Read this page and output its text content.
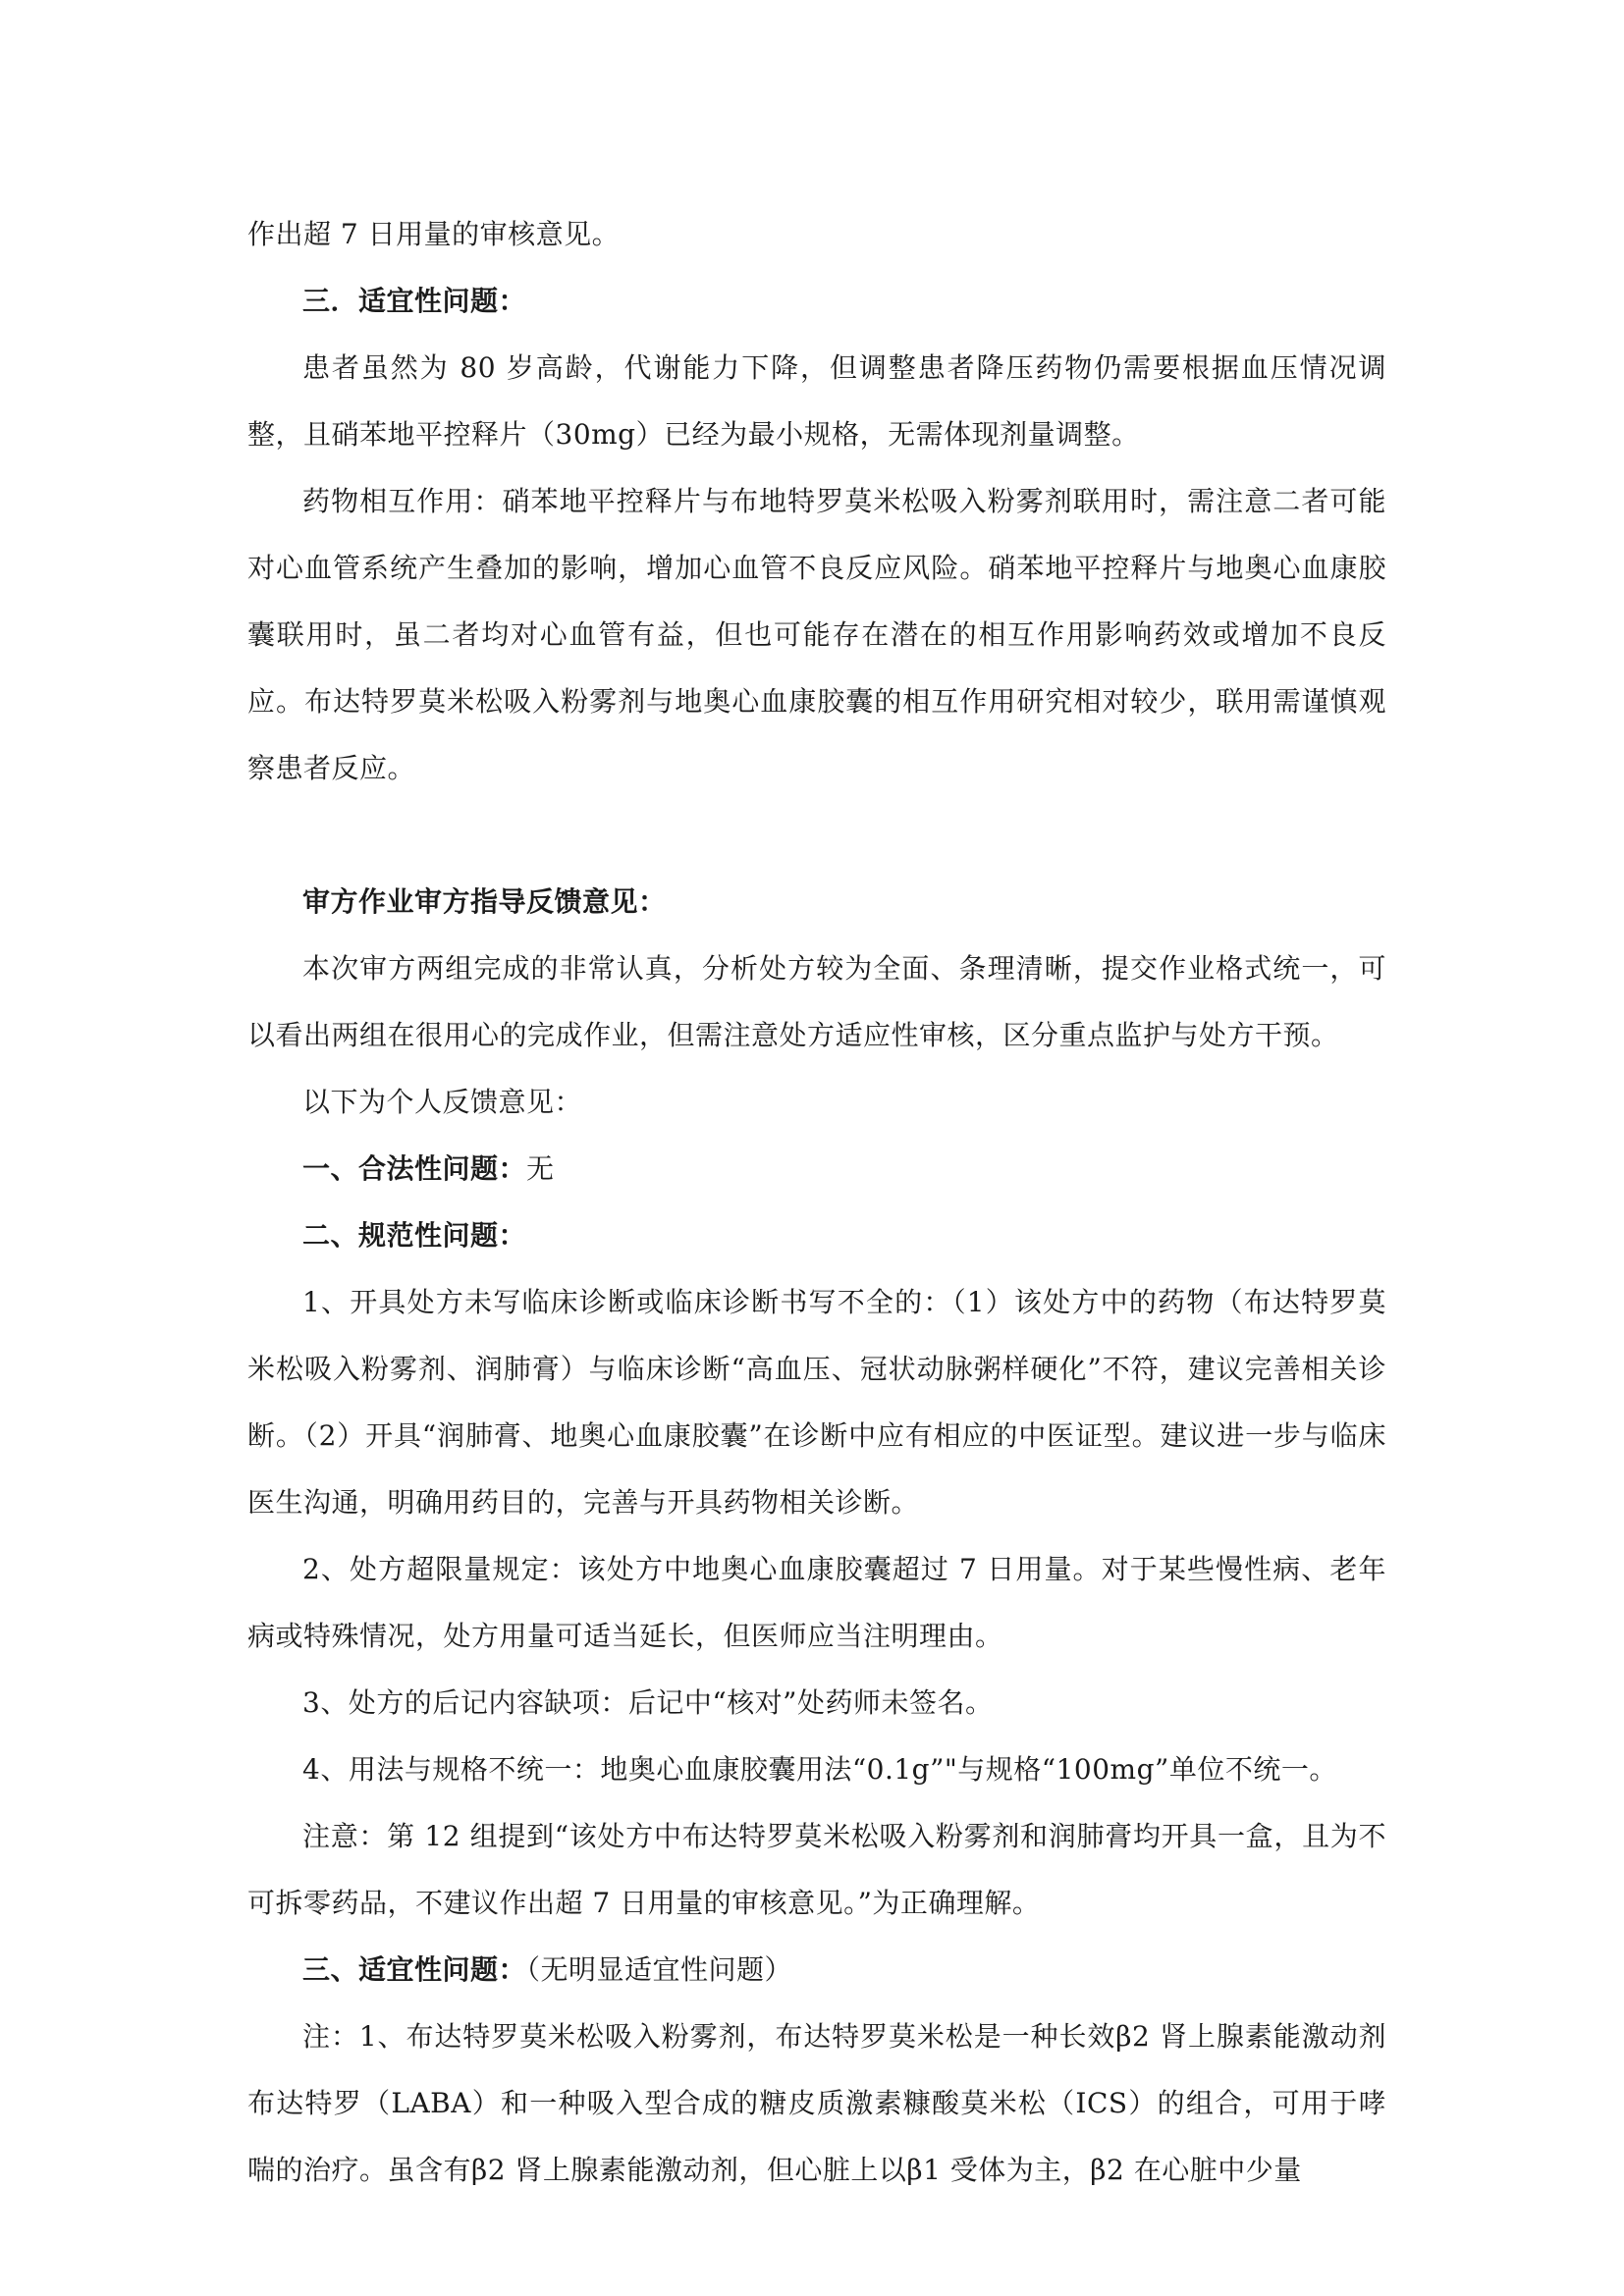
作出超 7 日用量的审核意见。

三．适宜性问题：

患者虽然为 80 岁高龄，代谢能力下降，但调整患者降压药物仍需要根据血压情况调整，且硝苯地平控释片（30mg）已经为最小规格，无需体现剂量调整。

药物相互作用：硝苯地平控释片与布地特罗莫米松吸入粉雾剂联用时，需注意二者可能对心血管系统产生叠加的影响，增加心血管不良反应风险。硝苯地平控释片与地奥心血康胶囊联用时，虽二者均对心血管有益，但也可能存在潜在的相互作用影响药效或增加不良反应。布达特罗莫米松吸入粉雾剂与地奥心血康胶囊的相互作用研究相对较少，联用需谨慎观察患者反应。

审方作业审方指导反馈意见：

本次审方两组完成的非常认真，分析处方较为全面、条理清晰，提交作业格式统一，可以看出两组在很用心的完成作业，但需注意处方适应性审核，区分重点监护与处方干预。

以下为个人反馈意见：

一、合法性问题：无

二、规范性问题：

1、开具处方未写临床诊断或临床诊断书写不全的：（1）该处方中的药物（布达特罗莫米松吸入粉雾剂、润肺膏）与临床诊断“高血压、冠状动脉粥样硬化”不符，建议完善相关诊断。（2）开具“润肺膏、地奥心血康胶囊”在诊断中应有相应的中医证型。建议进一步与临床医生沟通，明确用药目的，完善与开具药物相关诊断。

2、处方超限量规定：该处方中地奥心血康胶囊超过 7 日用量。对于某些慢性病、老年病或特殊情况，处方用量可适当延长，但医师应当注明理由。

3、处方的后记内容缺项：后记中“核对”处药师未签名。

4、用法与规格不统一：地奥心血康胶囊用法“0.1g”"与规格“100mg”单位不统一。

注意：第 12 组提到“该处方中布达特罗莫米松吸入粉雾剂和润肺膏均开具一盒，且为不可拆零药品，不建议作出超 7 日用量的审核意见。”为正确理解。

三、适宜性问题：（无明显适宜性问题）

注：1、布达特罗莫米松吸入粉雾剂，布达特罗莫米松是一种长效β2 肾上腺素能激动剂布达特罗（LABA）和一种吸入型合成的糖皮质激素糠酸莫米松（ICS）的组合，可用于哮喘的治疗。虽含有β2 肾上腺素能激动剂，但心脏上以β1 受体为主，β2 在心脏中少量
